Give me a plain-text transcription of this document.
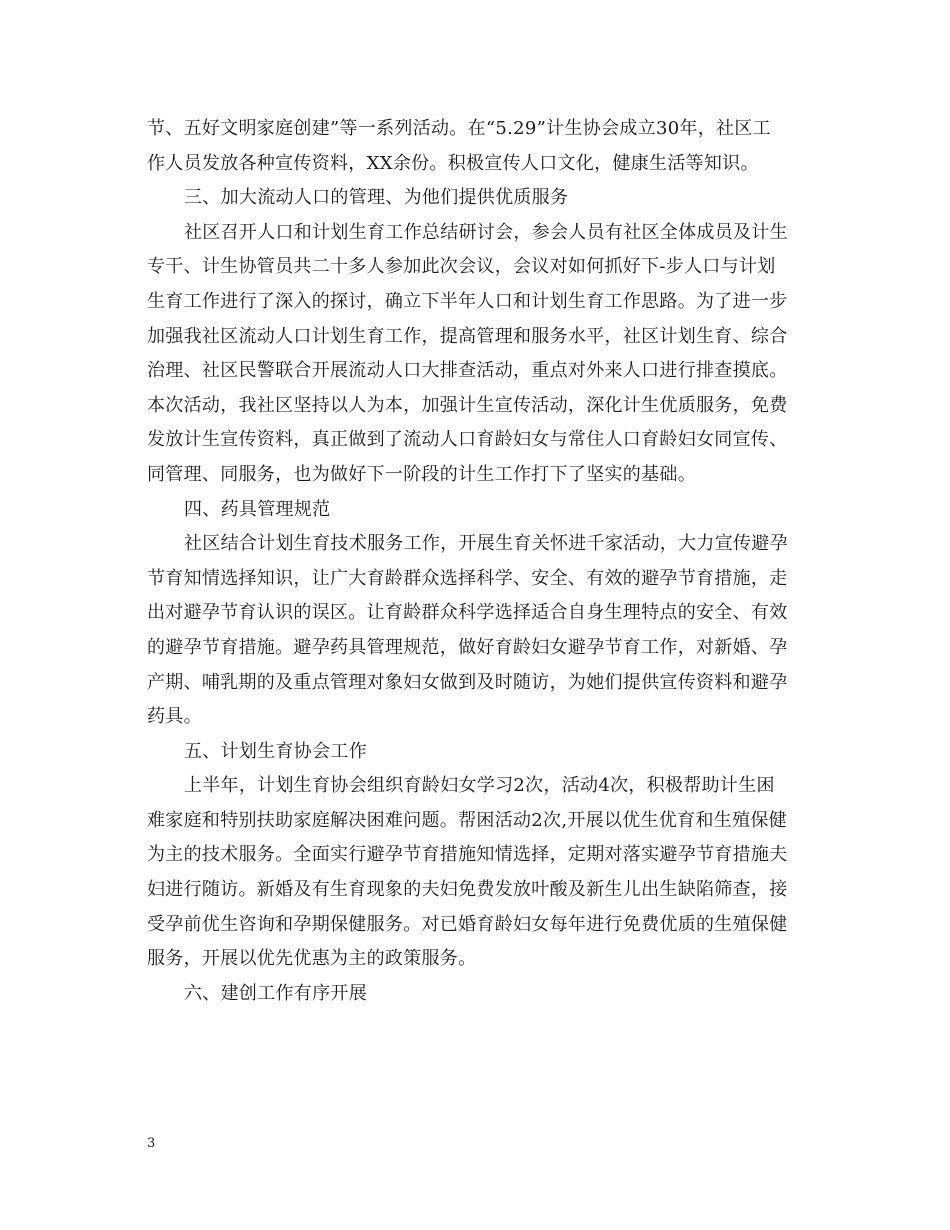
节、五好文明家庭创建”等一系列活动。在“5.29”计生协会成立30年，社区工
作人员发放各种宣传资料，XX余份。积极宣传人口文化，健康生活等知识。
三、加大流动人口的管理、为他们提供优质服务
社区召开人口和计划生育工作总结研讨会，参会人员有社区全体成员及计生
专干、计生协管员共二十多人参加此次会议，会议对如何抓好下-步人口与计划
生育工作进行了深入的探讨，确立下半年人口和计划生育工作思路。为了进一步
加强我社区流动人口计划生育工作，提高管理和服务水平，社区计划生育、综合
治理、社区民警联合开展流动人口大排查活动，重点对外来人口进行排查摸底。
本次活动，我社区坚持以人为本，加强计生宣传活动，深化计生优质服务，免费
发放计生宣传资料，真正做到了流动人口育龄妇女与常住人口育龄妇女同宣传、
同管理、同服务，也为做好下一阶段的计生工作打下了坚实的基础。
四、药具管理规范
社区结合计划生育技术服务工作，开展生育关怀进千家活动，大力宣传避孕
节育知情选择知识，让广大育龄群众选择科学、安全、有效的避孕节育措施，走
出对避孕节育认识的误区。让育龄群众科学选择适合自身生理特点的安全、有效
的避孕节育措施。避孕药具管理规范，做好育龄妇女避孕节育工作，对新婚、孕
产期、哺乳期的及重点管理对象妇女做到及时随访，为她们提供宣传资料和避孕
药具。
五、计划生育协会工作
上半年，计划生育协会组织育龄妇女学习2次，活动4次，积极帮助计生困
难家庭和特别扶助家庭解决困难问题。帮困活动2次,开展以优生优育和生殖保健
为主的技术服务。全面实行避孕节育措施知情选择，定期对落实避孕节育措施夫
妇进行随访。新婚及有生育现象的夫妇免费发放叶酸及新生儿出生缺陷筛查，接
受孕前优生咨询和孕期保健服务。对已婚育龄妇女每年进行免费优质的生殖保健
服务，开展以优先优惠为主的政策服务。
六、建创工作有序开展
3
